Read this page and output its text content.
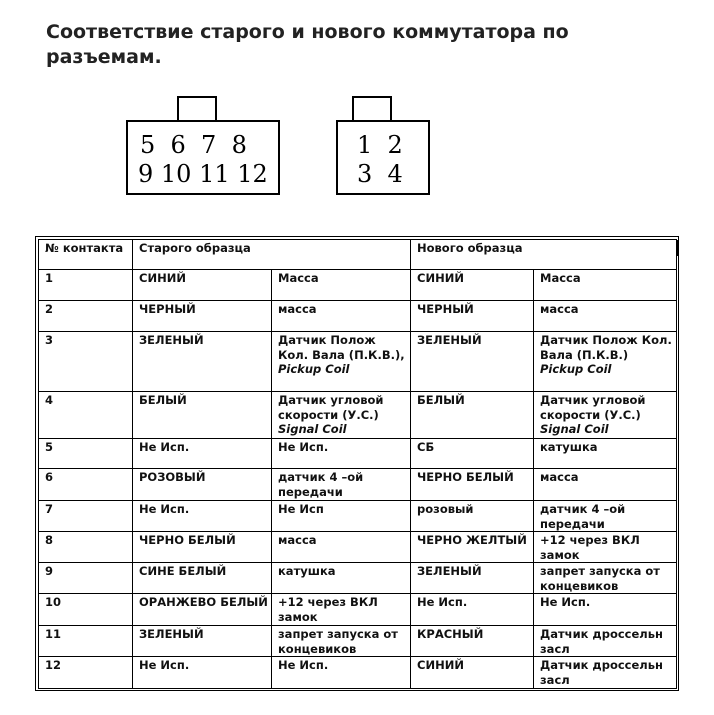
Соответствие старого и нового коммутатора по разъемам.
5  6  7  8
9 10 11 12
1  2
3  4
№ контакта	Старого образца		Нового образца	
1	СИНИЙ	Масса	СИНИЙ	Масса
2	ЧЕРНЫЙ	масса	ЧЕРНЫЙ	масса
3	ЗЕЛЕНЫЙ	Датчик Полож Кол. Вала (П.К.В.), Pickup Coil	ЗЕЛЕНЫЙ	Датчик Полож Кол. Вала (П.К.В.) Pickup Coil
4	БЕЛЫЙ	Датчик угловой скорости (У.С.) Signal Coil	БЕЛЫЙ	Датчик угловой скорости (У.С.) Signal Coil
5	Не Исп.	Не Исп.	СБ	катушка
6	РОЗОВЫЙ	датчик 4 –ой передачи	ЧЕРНО БЕЛЫЙ	масса
7	Не Исп.	Не Исп	розовый	датчик 4 –ой передачи
8	ЧЕРНО БЕЛЫЙ	масса	ЧЕРНО ЖЕЛТЫЙ	+12 через ВКЛ замок
9	СИНЕ БЕЛЫЙ	катушка	ЗЕЛЕНЫЙ	запрет запуска от концевиков
10	ОРАНЖЕВО БЕЛЫЙ	+12 через ВКЛ замок	Не Исп.	Не Исп.
11	ЗЕЛЕНЫЙ	запрет запуска от концевиков	КРАСНЫЙ	Датчик дроссельн засл
12	Не Исп.	Не Исп.	СИНИЙ	Датчик дроссельн засл
